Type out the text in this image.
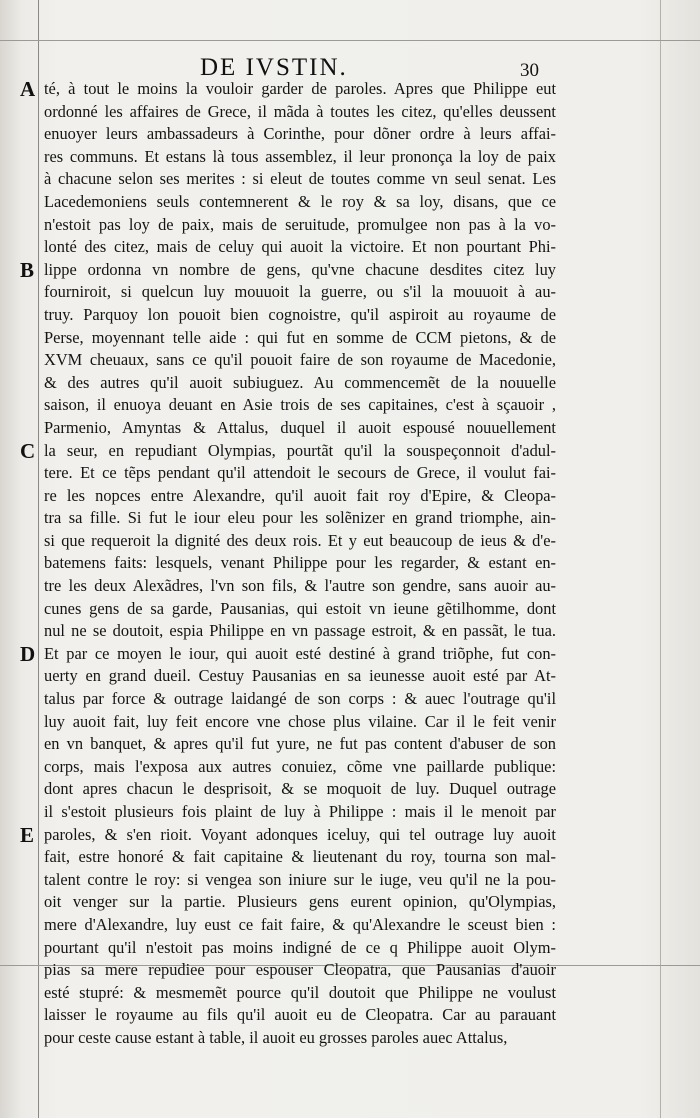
DE IVSTIN.	30
A
B
C
D
E
té, à tout le moins la vouloir garder de paroles. Apres que Philippe eut
ordonné les affaires de Grece, il mãda à toutes les citez, qu'elles deussent
enuoyer leurs ambassadeurs à Corinthe, pour dõner ordre à leurs affai-
res communs. Et estans là tous assemblez, il leur prononça la loy de paix
à chacune selon ses merites : si eleut de toutes comme vn seul senat. Les
Lacedemoniens seuls contemnerent & le roy & sa loy, disans, que ce
n'estoit pas loy de paix, mais de seruitude, promulgee non pas à la vo-
lonté des citez, mais de celuy qui auoit la victoire. Et non pourtant Phi-
lippe ordonna vn nombre de gens, qu'vne chacune desdites citez luy
fourniroit, si quelcun luy mouuoit la guerre, ou s'il la mouuoit à au-
truy. Parquoy lon pouoit bien cognoistre, qu'il aspiroit au royaume de
Perse, moyennant telle aide : qui fut en somme de CCM pietons, & de
XVM cheuaux, sans ce qu'il pouoit faire de son royaume de Macedonie,
& des autres qu'il auoit subiuguez. Au commencemẽt de la nouuelle
saison, il enuoya deuant en Asie trois de ses capitaines, c'est à sçauoir ,
Parmenio, Amyntas & Attalus, duquel il auoit espousé nouuellement
la seur, en repudiant Olympias, pourtãt qu'il la souspeçonnoit d'adul-
tere. Et ce tẽps pendant qu'il attendoit le secours de Grece, il voulut fai-
re les nopces entre Alexandre, qu'il auoit fait roy d'Epire, & Cleopa-
tra sa fille. Si fut le iour eleu pour les solẽnizer en grand triomphe, ain-
si que requeroit la dignité des deux rois. Et y eut beaucoup de ieus & d'e-
batemens faits: lesquels, venant Philippe pour les regarder, & estant en-
tre les deux Alexãdres, l'vn son fils, & l'autre son gendre, sans auoir au-
cunes gens de sa garde, Pausanias, qui estoit vn ieune gẽtilhomme, dont
nul ne se doutoit, espia Philippe en vn passage estroit, & en passãt, le tua.
Et par ce moyen le iour, qui auoit esté destiné à grand triõphe, fut con-
uerty en grand dueil. Cestuy Pausanias en sa ieunesse auoit esté par At-
talus par force & outrage laidangé de son corps : & auec l'outrage qu'il
luy auoit fait, luy feit encore vne chose plus vilaine. Car il le feit venir
en vn banquet, & apres qu'il fut yure, ne fut pas content d'abuser de son
corps, mais l'exposa aux autres conuiez, cõme vne paillarde publique:
dont apres chacun le desprisoit, & se moquoit de luy. Duquel outrage
il s'estoit plusieurs fois plaint de luy à Philippe : mais il le menoit par
paroles, & s'en rioit. Voyant adonques iceluy, qui tel outrage luy auoit
fait, estre honoré & fait capitaine & lieutenant du roy, tourna son mal-
talent contre le roy: si vengea son iniure sur le iuge, veu qu'il ne la pou-
oit venger sur la partie. Plusieurs gens eurent opinion, qu'Olympias,
mere d'Alexandre, luy eust ce fait faire, & qu'Alexandre le sceust bien :
pourtant qu'il n'estoit pas moins indigné de ce q Philippe auoit Olym-
pias sa mere repudiee pour espouser Cleopatra, que Pausanias d'auoir
esté stupré: & mesmemẽt pource qu'il doutoit que Philippe ne voulust
laisser le royaume au fils qu'il auoit eu de Cleopatra. Car au parauant
pour ceste cause estant à table, il auoit eu grosses paroles auec Attalus,
